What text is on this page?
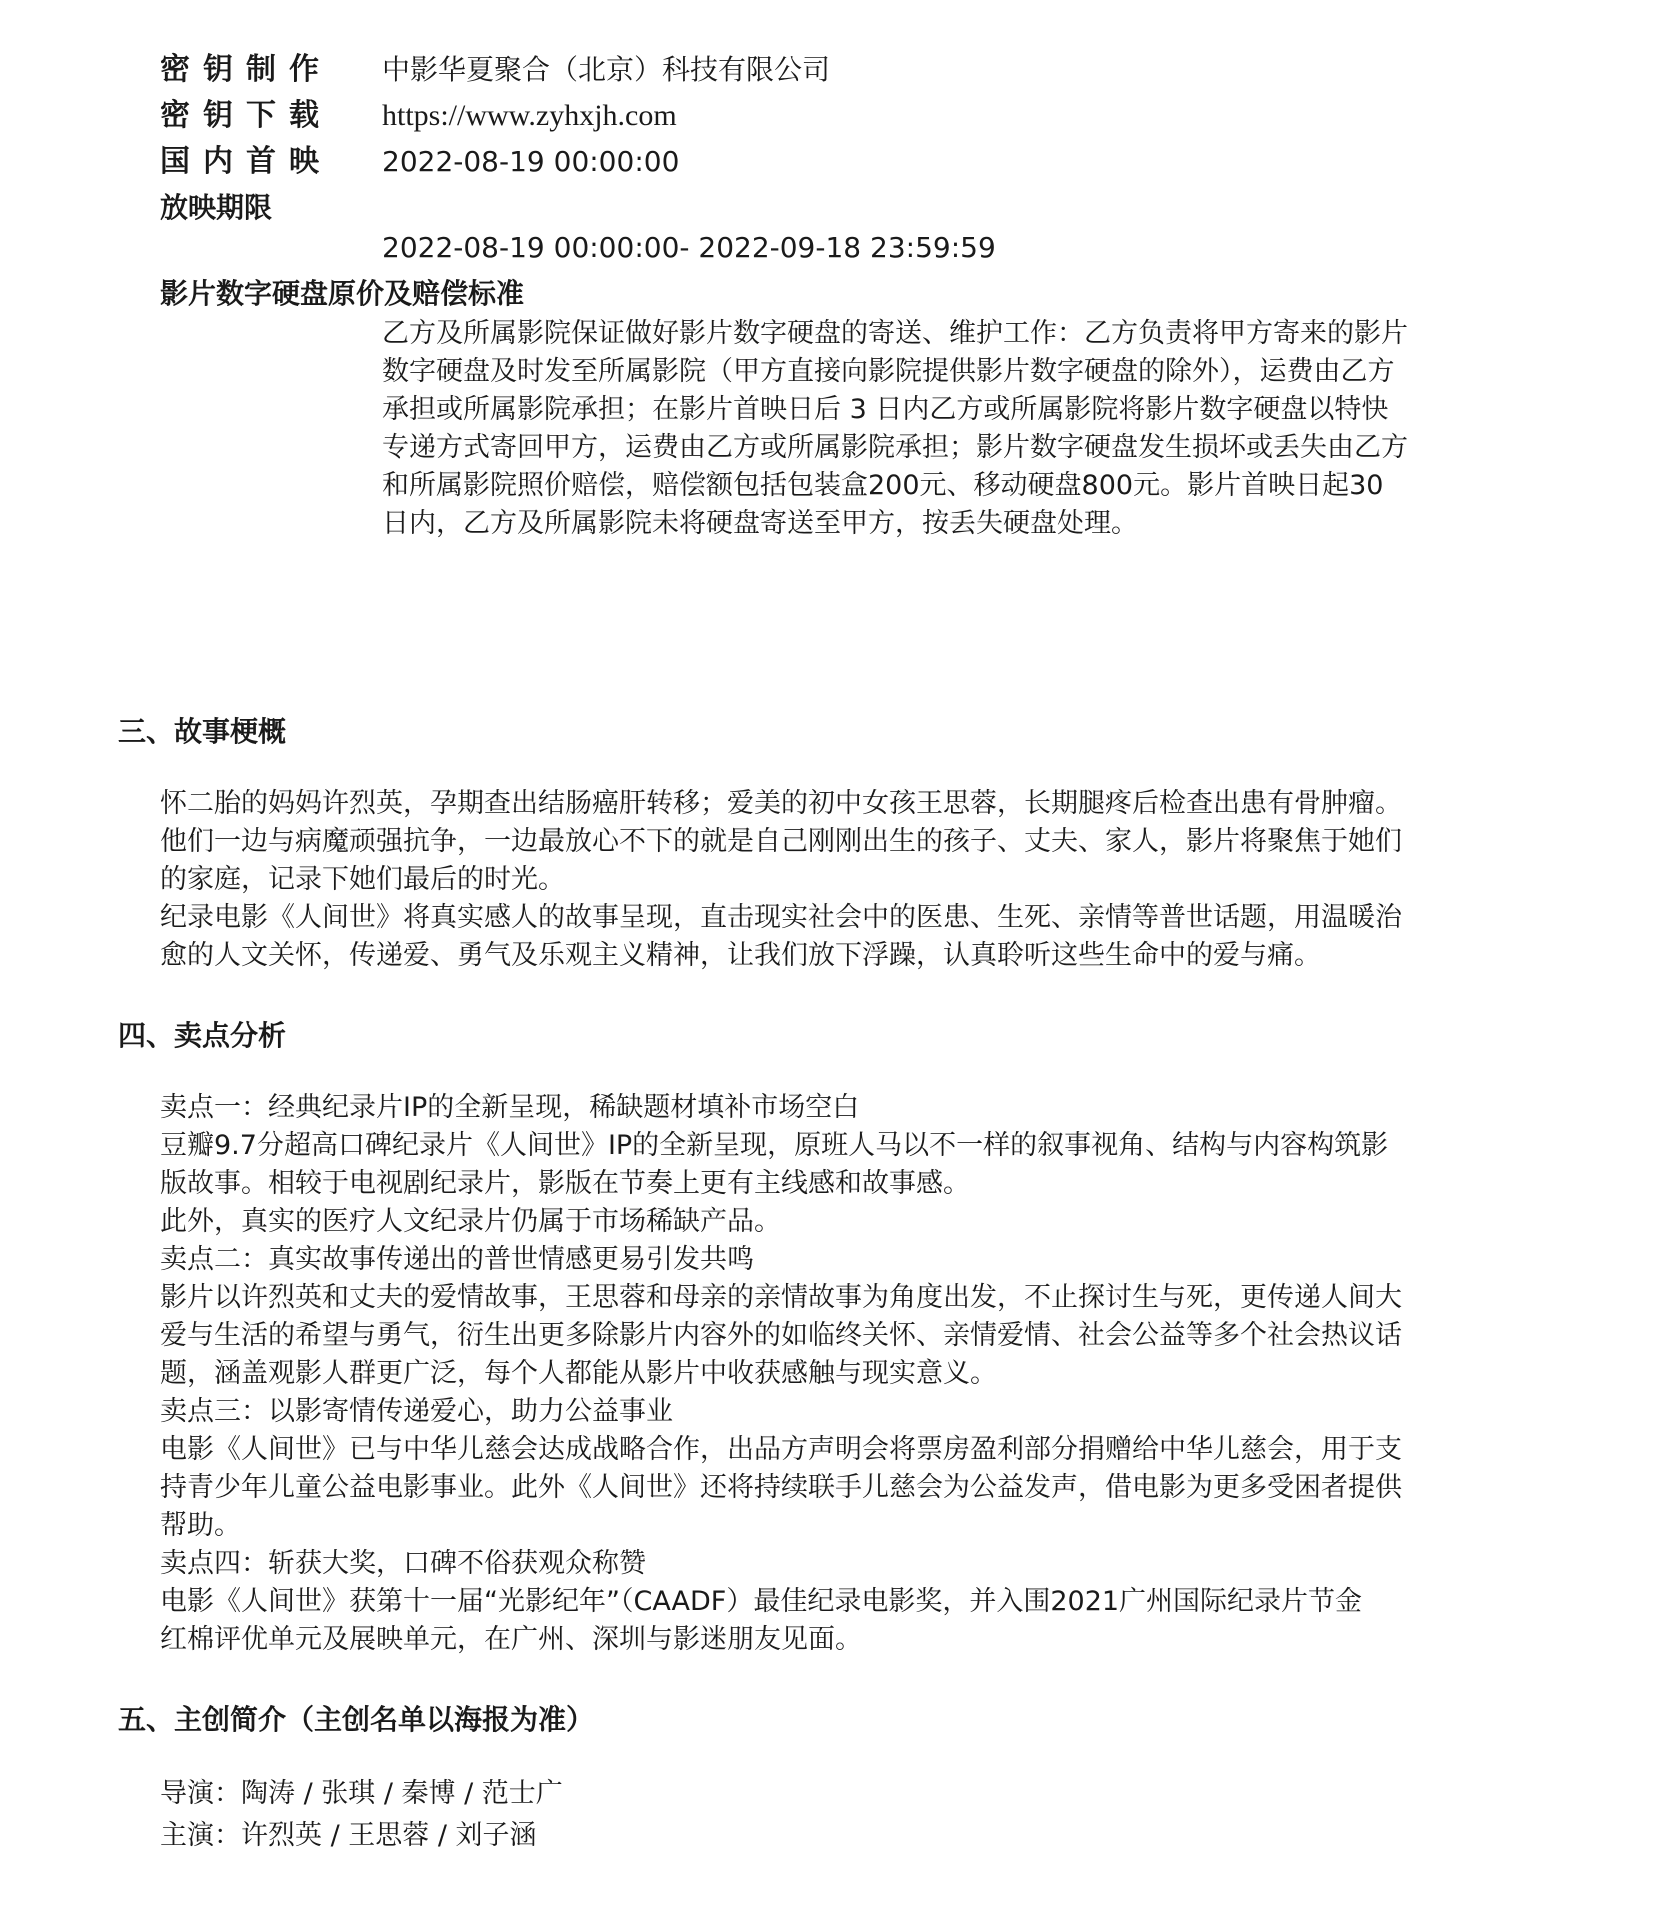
密钥制作 中影华夏聚合（北京）科技有限公司
密钥下载 https://www.zyhxjh.com
国内首映 2022-08-19 00:00:00
放映期限
2022-08-19 00:00:00- 2022-09-18 23:59:59
影片数字硬盘原价及赔偿标准
乙方及所属影院保证做好影片数字硬盘的寄送、维护工作：乙方负责将甲方寄来的影片
数字硬盘及时发至所属影院（甲方直接向影院提供影片数字硬盘的除外），运费由乙方
承担或所属影院承担；在影片首映日后 3 日内乙方或所属影院将影片数字硬盘以特快
专递方式寄回甲方，运费由乙方或所属影院承担；影片数字硬盘发生损坏或丢失由乙方
和所属影院照价赔偿，赔偿额包括包装盒200元、移动硬盘800元。影片首映日起30
日内，乙方及所属影院未将硬盘寄送至甲方，按丢失硬盘处理。
三、故事梗概
怀二胎的妈妈许烈英，孕期查出结肠癌肝转移；爱美的初中女孩王思蓉，长期腿疼后检查出患有骨肿瘤。
他们一边与病魔顽强抗争，一边最放心不下的就是自己刚刚出生的孩子、丈夫、家人，影片将聚焦于她们
的家庭，记录下她们最后的时光。
纪录电影《人间世》将真实感人的故事呈现，直击现实社会中的医患、生死、亲情等普世话题，用温暖治
愈的人文关怀，传递爱、勇气及乐观主义精神，让我们放下浮躁，认真聆听这些生命中的爱与痛。
四、卖点分析
卖点一：经典纪录片IP的全新呈现，稀缺题材填补市场空白
豆瓣9.7分超高口碑纪录片《人间世》IP的全新呈现，原班人马以不一样的叙事视角、结构与内容构筑影
版故事。相较于电视剧纪录片，影版在节奏上更有主线感和故事感。
此外，真实的医疗人文纪录片仍属于市场稀缺产品。
卖点二：真实故事传递出的普世情感更易引发共鸣
影片以许烈英和丈夫的爱情故事，王思蓉和母亲的亲情故事为角度出发，不止探讨生与死，更传递人间大
爱与生活的希望与勇气，衍生出更多除影片内容外的如临终关怀、亲情爱情、社会公益等多个社会热议话
题，涵盖观影人群更广泛，每个人都能从影片中收获感触与现实意义。
卖点三：以影寄情传递爱心，助力公益事业
电影《人间世》已与中华儿慈会达成战略合作，出品方声明会将票房盈利部分捐赠给中华儿慈会，用于支
持青少年儿童公益电影事业。此外《人间世》还将持续联手儿慈会为公益发声，借电影为更多受困者提供
帮助。
卖点四：斩获大奖，口碑不俗获观众称赞
电影《人间世》获第十一届“光影纪年”（CAADF）最佳纪录电影奖，并入围2021广州国际纪录片节金
红棉评优单元及展映单元，在广州、深圳与影迷朋友见面。
五、主创简介（主创名单以海报为准）
导演：陶涛 / 张琪 / 秦博 / 范士广
主演：许烈英 / 王思蓉 / 刘子涵
